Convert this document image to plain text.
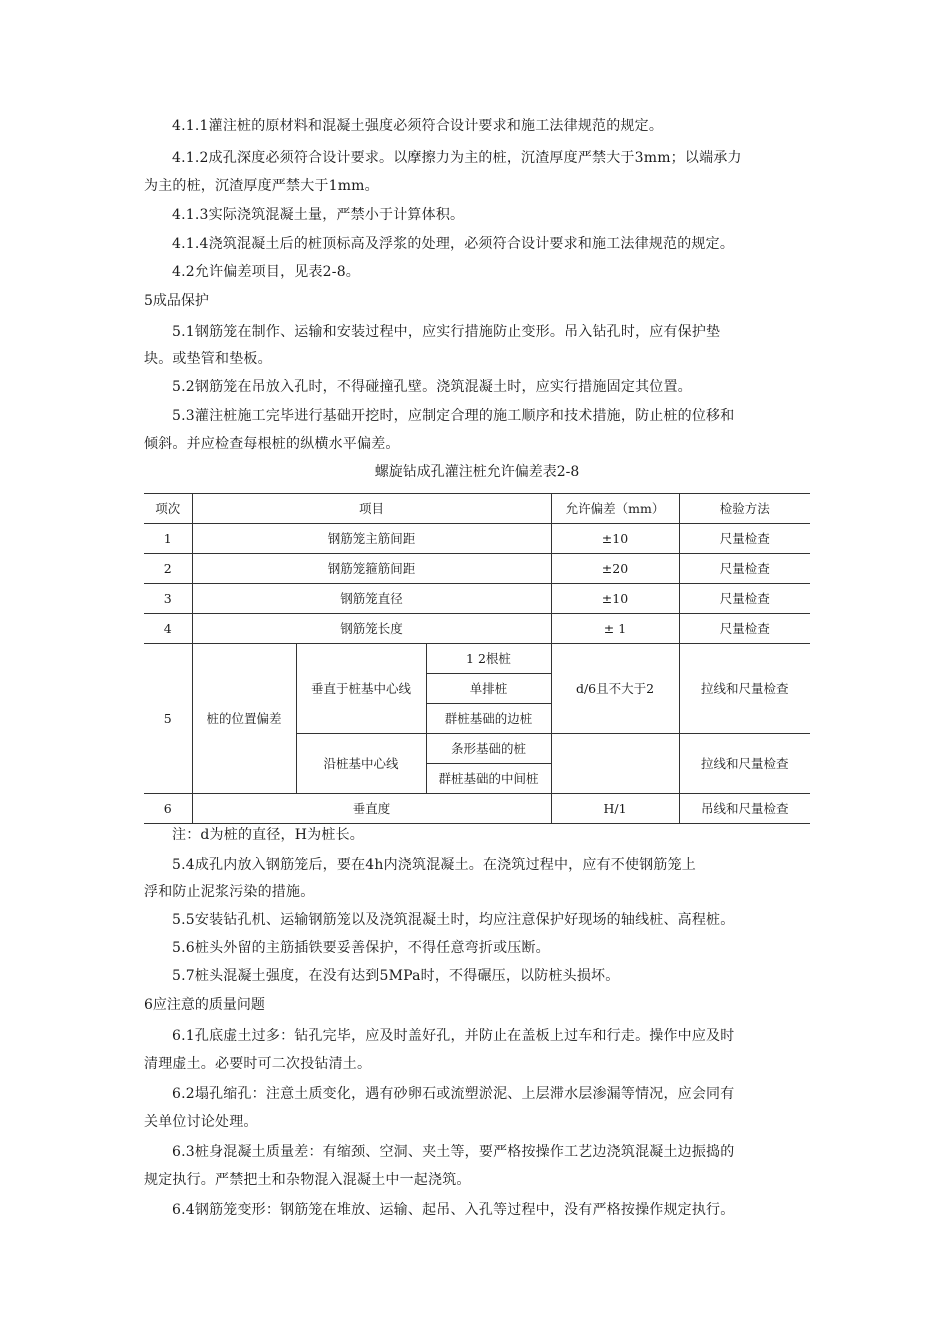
4.1.1灌注桩的原材料和混凝土强度必须符合设计要求和施工法律规范的规定。
4.1.2成孔深度必须符合设计要求。以摩擦力为主的桩，沉渣厚度严禁大于3mm；以端承力
为主的桩，沉渣厚度严禁大于1mm。
4.1.3实际浇筑混凝土量，严禁小于计算体积。
4.1.4浇筑混凝土后的桩顶标高及浮浆的处理，必须符合设计要求和施工法律规范的规定。
4.2允许偏差项目，见表2-8。
5成品保护
5.1钢筋笼在制作、运输和安装过程中，应实行措施防止变形。吊入钻孔时，应有保护垫
块。或垫管和垫板。
5.2钢筋笼在吊放入孔时，不得碰撞孔壁。浇筑混凝土时，应实行措施固定其位置。
5.3灌注桩施工完毕进行基础开挖时，应制定合理的施工顺序和技术措施，防止桩的位移和
倾斜。并应检查每根桩的纵横水平偏差。
螺旋钻成孔灌注桩允许偏差表2-8
项次	项目			允许偏差（mm）	检验方法
1	钢筋笼主筋间距			±10	尺量检查
2	钢筋笼箍筋间距			±20	尺量检查
3	钢筋笼直径			±10	尺量检查
4	钢筋笼长度			± 1	尺量检查
5	桩的位置偏差	垂直于桩基中心线	1 2根桩	d/6且不大于2	拉线和尺量检查
			单排桩		
			群桩基础的边桩		
		沿桩基中心线	条形基础的桩		拉线和尺量检查
			群桩基础的中间桩		
6	垂直度			H/1	吊线和尺量检查
注：d为桩的直径，H为桩长。
5.4成孔内放入钢筋笼后，要在4h内浇筑混凝土。在浇筑过程中，应有不使钢筋笼上
浮和防止泥浆污染的措施。
5.5安装钻孔机、运输钢筋笼以及浇筑混凝土时，均应注意保护好现场的轴线桩、高程桩。
5.6桩头外留的主筋插铁要妥善保护，不得任意弯折或压断。
5.7桩头混凝土强度，在没有达到5MPa时，不得碾压，以防桩头损坏。
6应注意的质量问题
6.1孔底虚土过多：钻孔完毕，应及时盖好孔，并防止在盖板上过车和行走。操作中应及时
清理虚土。必要时可二次投钻清土。
6.2塌孔缩孔：注意土质变化，遇有砂卵石或流塑淤泥、上层滞水层渗漏等情况，应会同有
关单位讨论处理。
6.3桩身混凝土质量差：有缩颈、空洞、夹土等，要严格按操作工艺边浇筑混凝土边振捣的
规定执行。严禁把土和杂物混入混凝土中一起浇筑。
6.4钢筋笼变形：钢筋笼在堆放、运输、起吊、入孔等过程中，没有严格按操作规定执行。
